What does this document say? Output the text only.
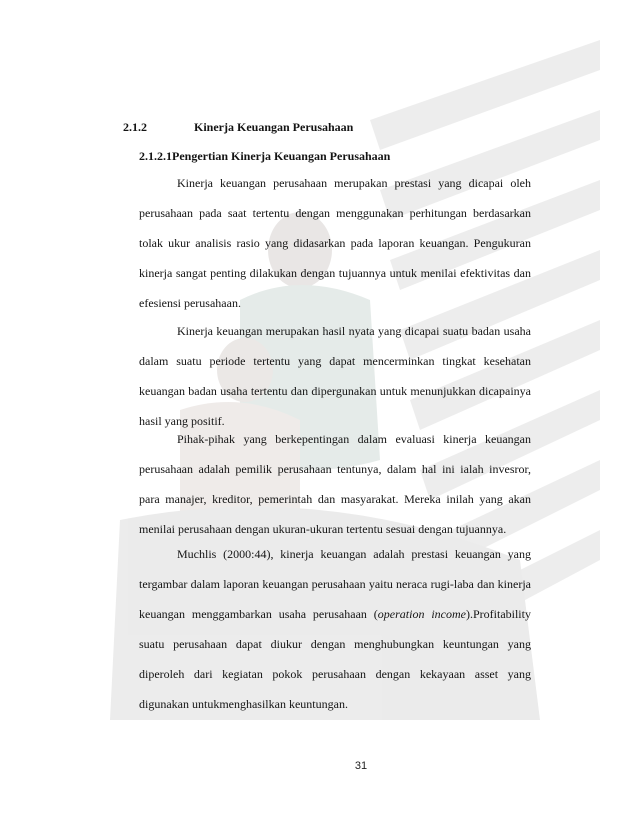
2.1.2	Kinerja Keuangan Perusahaan
2.1.2.1Pengertian Kinerja Keuangan Perusahaan

Kinerja keuangan perusahaan merupakan prestasi yang dicapai oleh perusahaan pada saat tertentu dengan menggunakan perhitungan berdasarkan tolak ukur analisis rasio yang didasarkan pada laporan keuangan. Pengukuran kinerja sangat penting dilakukan dengan tujuannya untuk menilai efektivitas dan efesiensi perusahaan.

Kinerja keuangan merupakan hasil nyata yang dicapai suatu badan usaha dalam suatu periode tertentu yang dapat mencerminkan tingkat kesehatan keuangan badan usaha tertentu dan dipergunakan untuk menunjukkan dicapainya hasil yang positif.

Pihak-pihak yang berkepentingan dalam evaluasi kinerja keuangan perusahaan adalah pemilik perusahaan tentunya, dalam hal ini ialah invesror, para manajer, kreditor, pemerintah dan masyarakat. Mereka inilah yang akan menilai perusahaan dengan ukuran-ukuran tertentu sesuai dengan tujuannya.

Muchlis (2000:44), kinerja keuangan adalah prestasi keuangan yang tergambar dalam laporan keuangan perusahaan yaitu neraca rugi-laba dan kinerja keuangan menggambarkan usaha perusahaan (operation income).Profitability suatu perusahaan dapat diukur dengan menghubungkan keuntungan yang diperoleh dari kegiatan pokok perusahaan dengan kekayaan asset yang digunakan untukmenghasilkan keuntungan.

31
